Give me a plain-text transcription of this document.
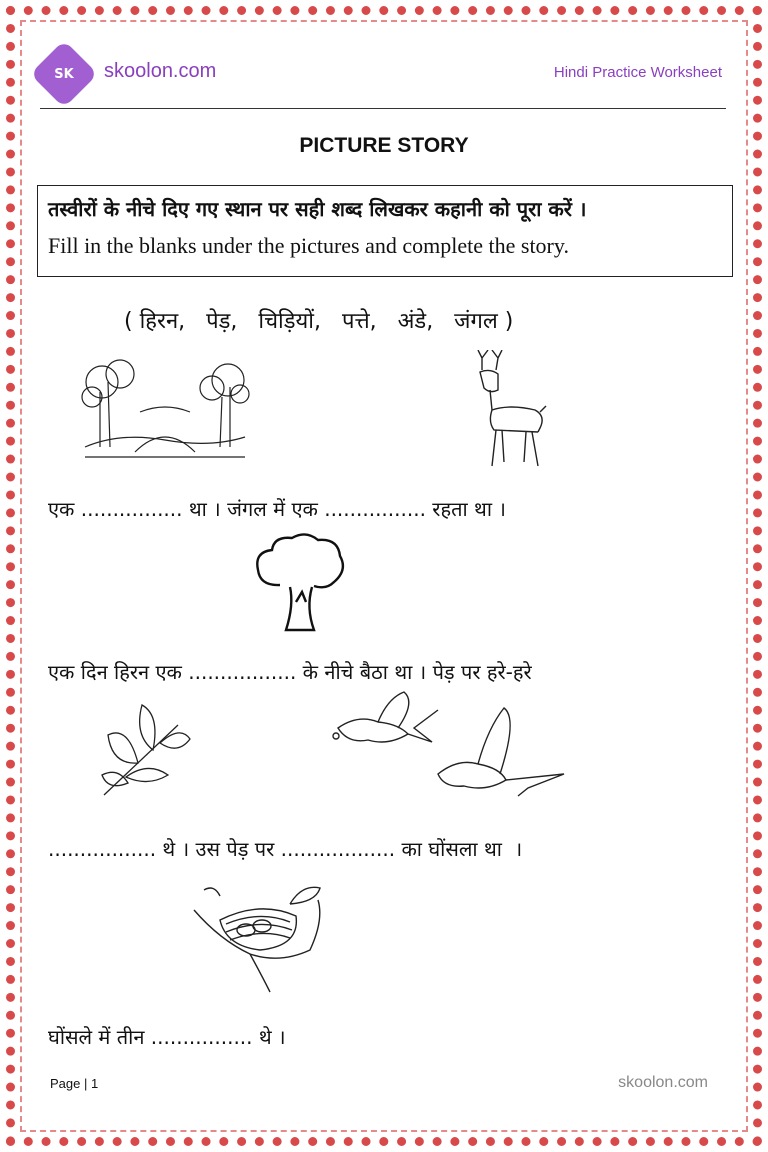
SK	skoolon.com	Hindi Practice Worksheet
PICTURE STORY
तस्वीरों के नीचे दिए गए स्थान पर सही शब्द लिखकर कहानी को पूरा करें ।
Fill in the blanks under the pictures and complete the story.
( हिरन,   पेड़,   चिड़ियों,   पत्ते,   अंडे,   जंगल )
एक ................ था । जंगल में एक ................ रहता था ।
एक दिन हिरन एक ................. के नीचे बैठा था । पेड़ पर हरे-हरे
................. थे । उस पेड़ पर .................. का घोंसला था  ।
घोंसले में तीन ................ थे ।
Page | 1	skoolon.com
